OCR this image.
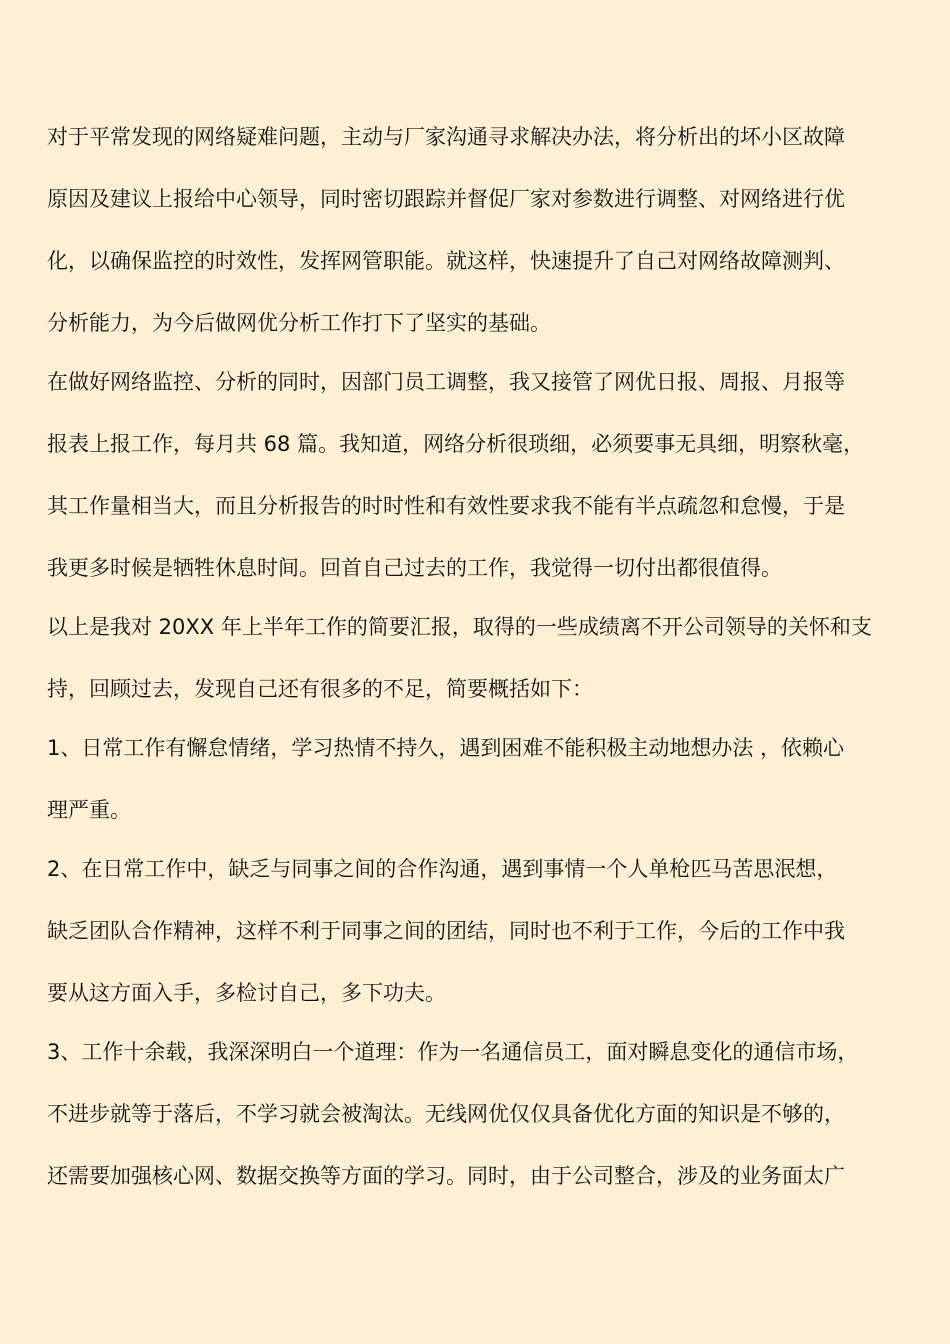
对于平常发现的网络疑难问题，主动与厂家沟通寻求解决办法，将分析出的坏小区故障
原因及建议上报给中心领导，同时密切跟踪并督促厂家对参数进行调整、对网络进行优
化，以确保监控的时效性，发挥网管职能。就这样，快速提升了自己对网络故障测判、
分析能力，为今后做网优分析工作打下了坚实的基础。
在做好网络监控、分析的同时，因部门员工调整，我又接管了网优日报、周报、月报等
报表上报工作，每月共 68 篇。我知道，网络分析很琐细，必须要事无具细，明察秋毫，
其工作量相当大，而且分析报告的时时性和有效性要求我不能有半点疏忽和怠慢，于是
我更多时候是牺牲休息时间。回首自己过去的工作，我觉得一切付出都很值得。
以上是我对 20XX 年上半年工作的简要汇报，取得的一些成绩离不开公司领导的关怀和支
持，回顾过去，发现自己还有很多的不足，简要概括如下：
1、日常工作有懈怠情绪，学习热情不持久，遇到困难不能积极主动地想办法 ，依赖心
理严重。
2、在日常工作中，缺乏与同事之间的合作沟通，遇到事情一个人单枪匹马苦思泯想，
缺乏团队合作精神，这样不利于同事之间的团结，同时也不利于工作，今后的工作中我
要从这方面入手，多检讨自己，多下功夫。
3、工作十余载，我深深明白一个道理：作为一名通信员工，面对瞬息变化的通信市场，
不进步就等于落后，不学习就会被淘汰。无线网优仅仅具备优化方面的知识是不够的，
还需要加强核心网、数据交换等方面的学习。同时，由于公司整合，涉及的业务面太广
